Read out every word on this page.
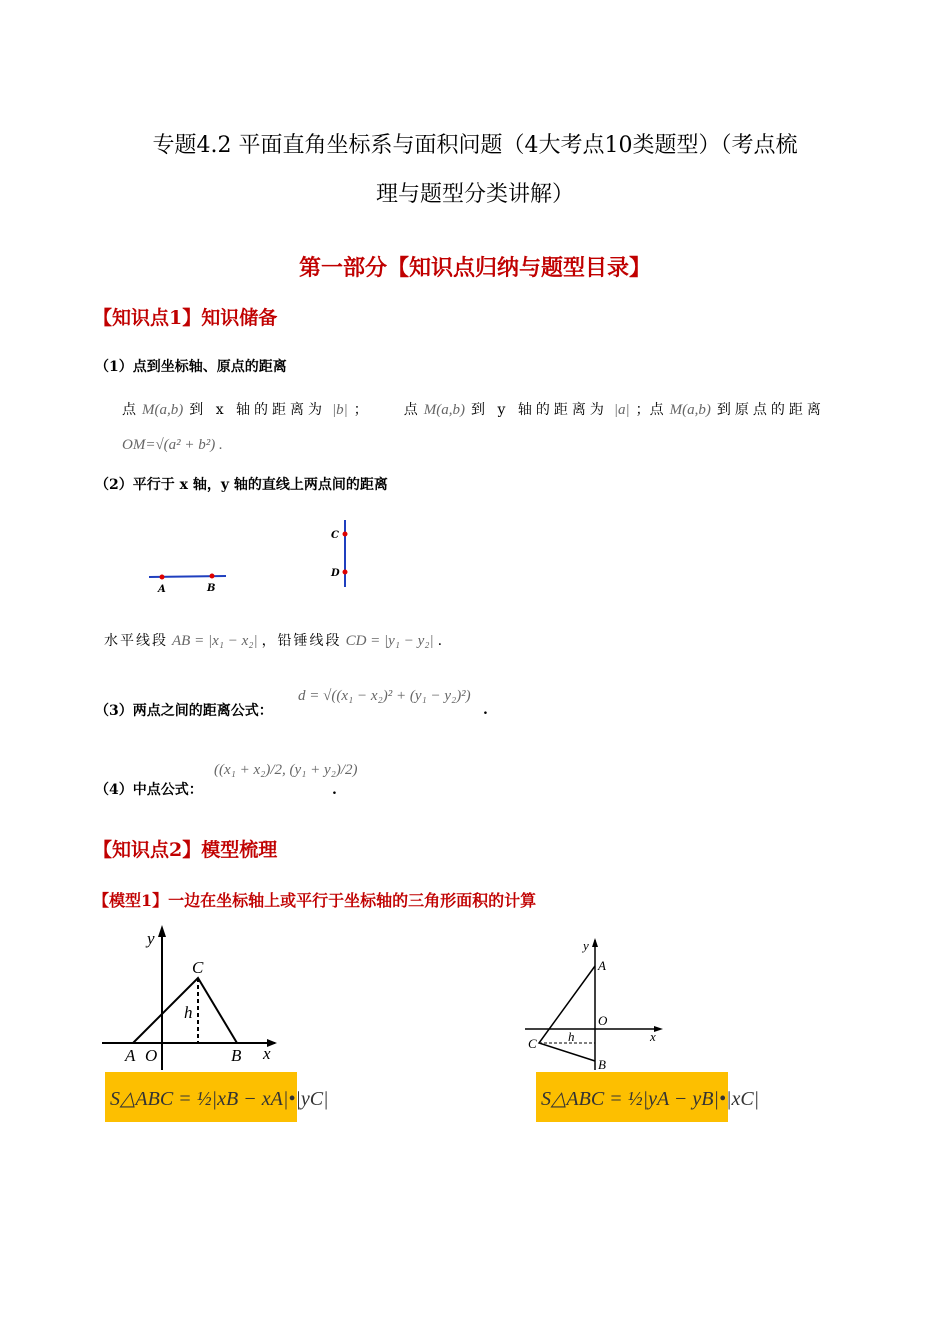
专题4.2 平面直角坐标系与面积问题（4大考点10类题型）（考点梳
理与题型分类讲解）
第一部分【知识点归纳与题型目录】
【知识点1】知识储备
（1）点到坐标轴、原点的距离
点 M(a,b) 到 x 轴的距离为 |b| ；	点 M(a,b) 到 y 轴的距离为 |a| ；点 M(a,b) 到原点的距离
OM=√(a² + b²) .
（2）平行于 x 轴，y 轴的直线上两点间的距离
A	B
C
D
水平线段 AB = |x₁ − x₂| ，铅锤线段 CD = |y₁ − y₂| .
（3）两点之间的距离公式：
d = √((x₁ − x₂)² + (y₁ − y₂)²)
.
（4）中点公式：
((x₁ + x₂)/2, (y₁ + y₂)/2)
.
【知识点2】模型梳理
【模型1】一边在坐标轴上或平行于坐标轴的三角形面积的计算
y
C
h
A O	B x
S△ABC = ½|xB − xA|•|yC|
y
A
O
x
C h
B
S△ABC = ½|yA − yB|•|xC|
